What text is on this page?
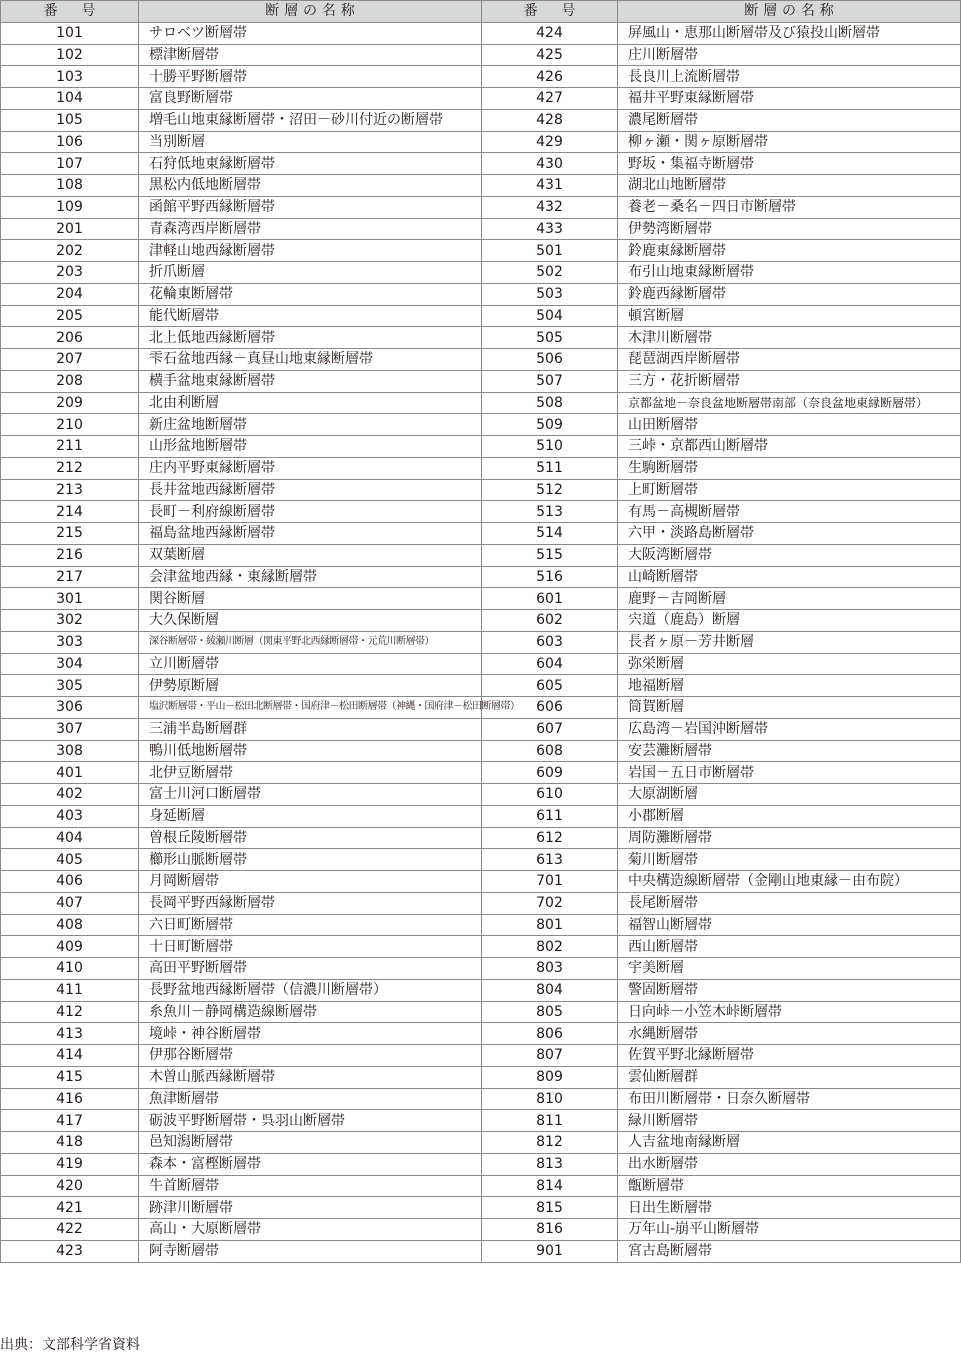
番　号	断層の名称	番　号	断層の名称
101	サロベツ断層帯	424	屏風山・恵那山断層帯及び猿投山断層帯
102	標津断層帯	425	庄川断層帯
103	十勝平野断層帯	426	長良川上流断層帯
104	富良野断層帯	427	福井平野東縁断層帯
105	増毛山地東縁断層帯・沼田－砂川付近の断層帯	428	濃尾断層帯
106	当別断層	429	柳ヶ瀬・関ヶ原断層帯
107	石狩低地東縁断層帯	430	野坂・集福寺断層帯
108	黒松内低地断層帯	431	湖北山地断層帯
109	函館平野西縁断層帯	432	養老－桑名－四日市断層帯
201	青森湾西岸断層帯	433	伊勢湾断層帯
202	津軽山地西縁断層帯	501	鈴鹿東縁断層帯
203	折爪断層	502	布引山地東縁断層帯
204	花輪東断層帯	503	鈴鹿西縁断層帯
205	能代断層帯	504	頓宮断層
206	北上低地西縁断層帯	505	木津川断層帯
207	雫石盆地西縁－真昼山地東縁断層帯	506	琵琶湖西岸断層帯
208	横手盆地東縁断層帯	507	三方・花折断層帯
209	北由利断層	508	京都盆地－奈良盆地断層帯南部（奈良盆地東縁断層帯）
210	新庄盆地断層帯	509	山田断層帯
211	山形盆地断層帯	510	三峠・京都西山断層帯
212	庄内平野東縁断層帯	511	生駒断層帯
213	長井盆地西縁断層帯	512	上町断層帯
214	長町－利府線断層帯	513	有馬－高槻断層帯
215	福島盆地西縁断層帯	514	六甲・淡路島断層帯
216	双葉断層	515	大阪湾断層帯
217	会津盆地西縁・東縁断層帯	516	山崎断層帯
301	関谷断層	601	鹿野－吉岡断層
302	大久保断層	602	宍道（鹿島）断層
303	深谷断層帯・綾瀬川断層（関東平野北西縁断層帯・元荒川断層帯）	603	長者ヶ原－芳井断層
304	立川断層帯	604	弥栄断層
305	伊勢原断層	605	地福断層
306	塩沢断層帯・平山－松田北断層帯・国府津－松田断層帯（神縄・国府津－松田断層帯）	606	筒賀断層
307	三浦半島断層群	607	広島湾－岩国沖断層帯
308	鴨川低地断層帯	608	安芸灘断層帯
401	北伊豆断層帯	609	岩国－五日市断層帯
402	富士川河口断層帯	610	大原湖断層
403	身延断層	611	小郡断層
404	曽根丘陵断層帯	612	周防灘断層帯
405	櫛形山脈断層帯	613	菊川断層帯
406	月岡断層帯	701	中央構造線断層帯（金剛山地東縁－由布院）
407	長岡平野西縁断層帯	702	長尾断層帯
408	六日町断層帯	801	福智山断層帯
409	十日町断層帯	802	西山断層帯
410	高田平野断層帯	803	宇美断層
411	長野盆地西縁断層帯（信濃川断層帯）	804	警固断層帯
412	糸魚川－静岡構造線断層帯	805	日向峠－小笠木峠断層帯
413	境峠・神谷断層帯	806	水縄断層帯
414	伊那谷断層帯	807	佐賀平野北縁断層帯
415	木曽山脈西縁断層帯	809	雲仙断層群
416	魚津断層帯	810	布田川断層帯・日奈久断層帯
417	砺波平野断層帯・呉羽山断層帯	811	緑川断層帯
418	邑知潟断層帯	812	人吉盆地南縁断層
419	森本・富樫断層帯	813	出水断層帯
420	牛首断層帯	814	甑断層帯
421	跡津川断層帯	815	日出生断層帯
422	高山・大原断層帯	816	万年山-崩平山断層帯
423	阿寺断層帯	901	宮古島断層帯
出典：文部科学省資料
